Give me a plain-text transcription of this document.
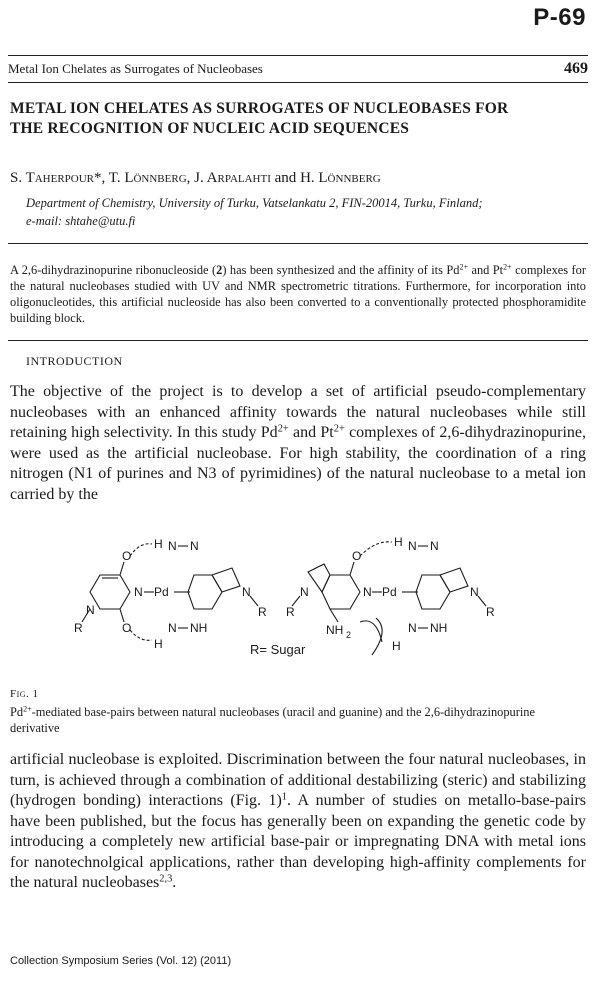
P-69
Metal Ion Chelates as Surrogates of Nucleobases	469
METAL ION CHELATES AS SURROGATES OF NUCLEOBASES FOR
THE RECOGNITION OF NUCLEIC ACID SEQUENCES
S. Taherpour*, T. Lönnberg, J. Arpalahti and H. Lönnberg
Department of Chemistry, University of Turku, Vatselankatu 2, FIN-20014, Turku, Finland;
e-mail: shtahe@utu.fi
A 2,6-dihydrazinopurine ribonucleoside (2) has been synthesized and the affinity of its $Pd^{2+}$ and $Pt^{2+}$ complexes for the natural nucleobases studied with UV and NMR spectrometric titrations. Furthermore, for incorporation into oligonucleotides, this artificial nucleoside has also been converted to a conventionally protected phosphoramidite building block.
INTRODUCTION
The objective of the project is to develop a set of artificial pseudo-complementary nucleobases with an enhanced affinity towards the natural nucleobases while still retaining high selectivity. In this study $Pd^{2+}$ and $Pt^{2+}$ complexes of 2,6-dihydrazinopurine, were used as the artificial nucleobase. For high stability, the coordination of a ring nitrogen (N1 of purines and N3 of pyrimidines) of the natural nucleobase to a metal ion carried by the
O
O
N
N
R
Pd
H
H
N N
N NH
N
R
N
R
O
N
NH 2
Pd
H
H
N N
N NH
N
R
R= Sugar
Fig. 1
$Pd^{2+}$-mediated base-pairs between natural nucleobases (uracil and guanine) and the 2,6-dihydrazinopurine derivative
artificial nucleobase is exploited. Discrimination between the four natural nucleobases, in turn, is achieved through a combination of additional destabilizing (steric) and stabilizing (hydrogen bonding) interactions (Fig. 1)$^1$. A number of studies on metallo-base-pairs have been published, but the focus has generally been on expanding the genetic code by introducing a completely new artificial base-pair or impregnating DNA with metal ions for nanotechnolgical applications, rather than developing high-affinity complements for the natural nucleobases$^{2,3}$.
Collection Symposium Series (Vol. 12) (2011)
